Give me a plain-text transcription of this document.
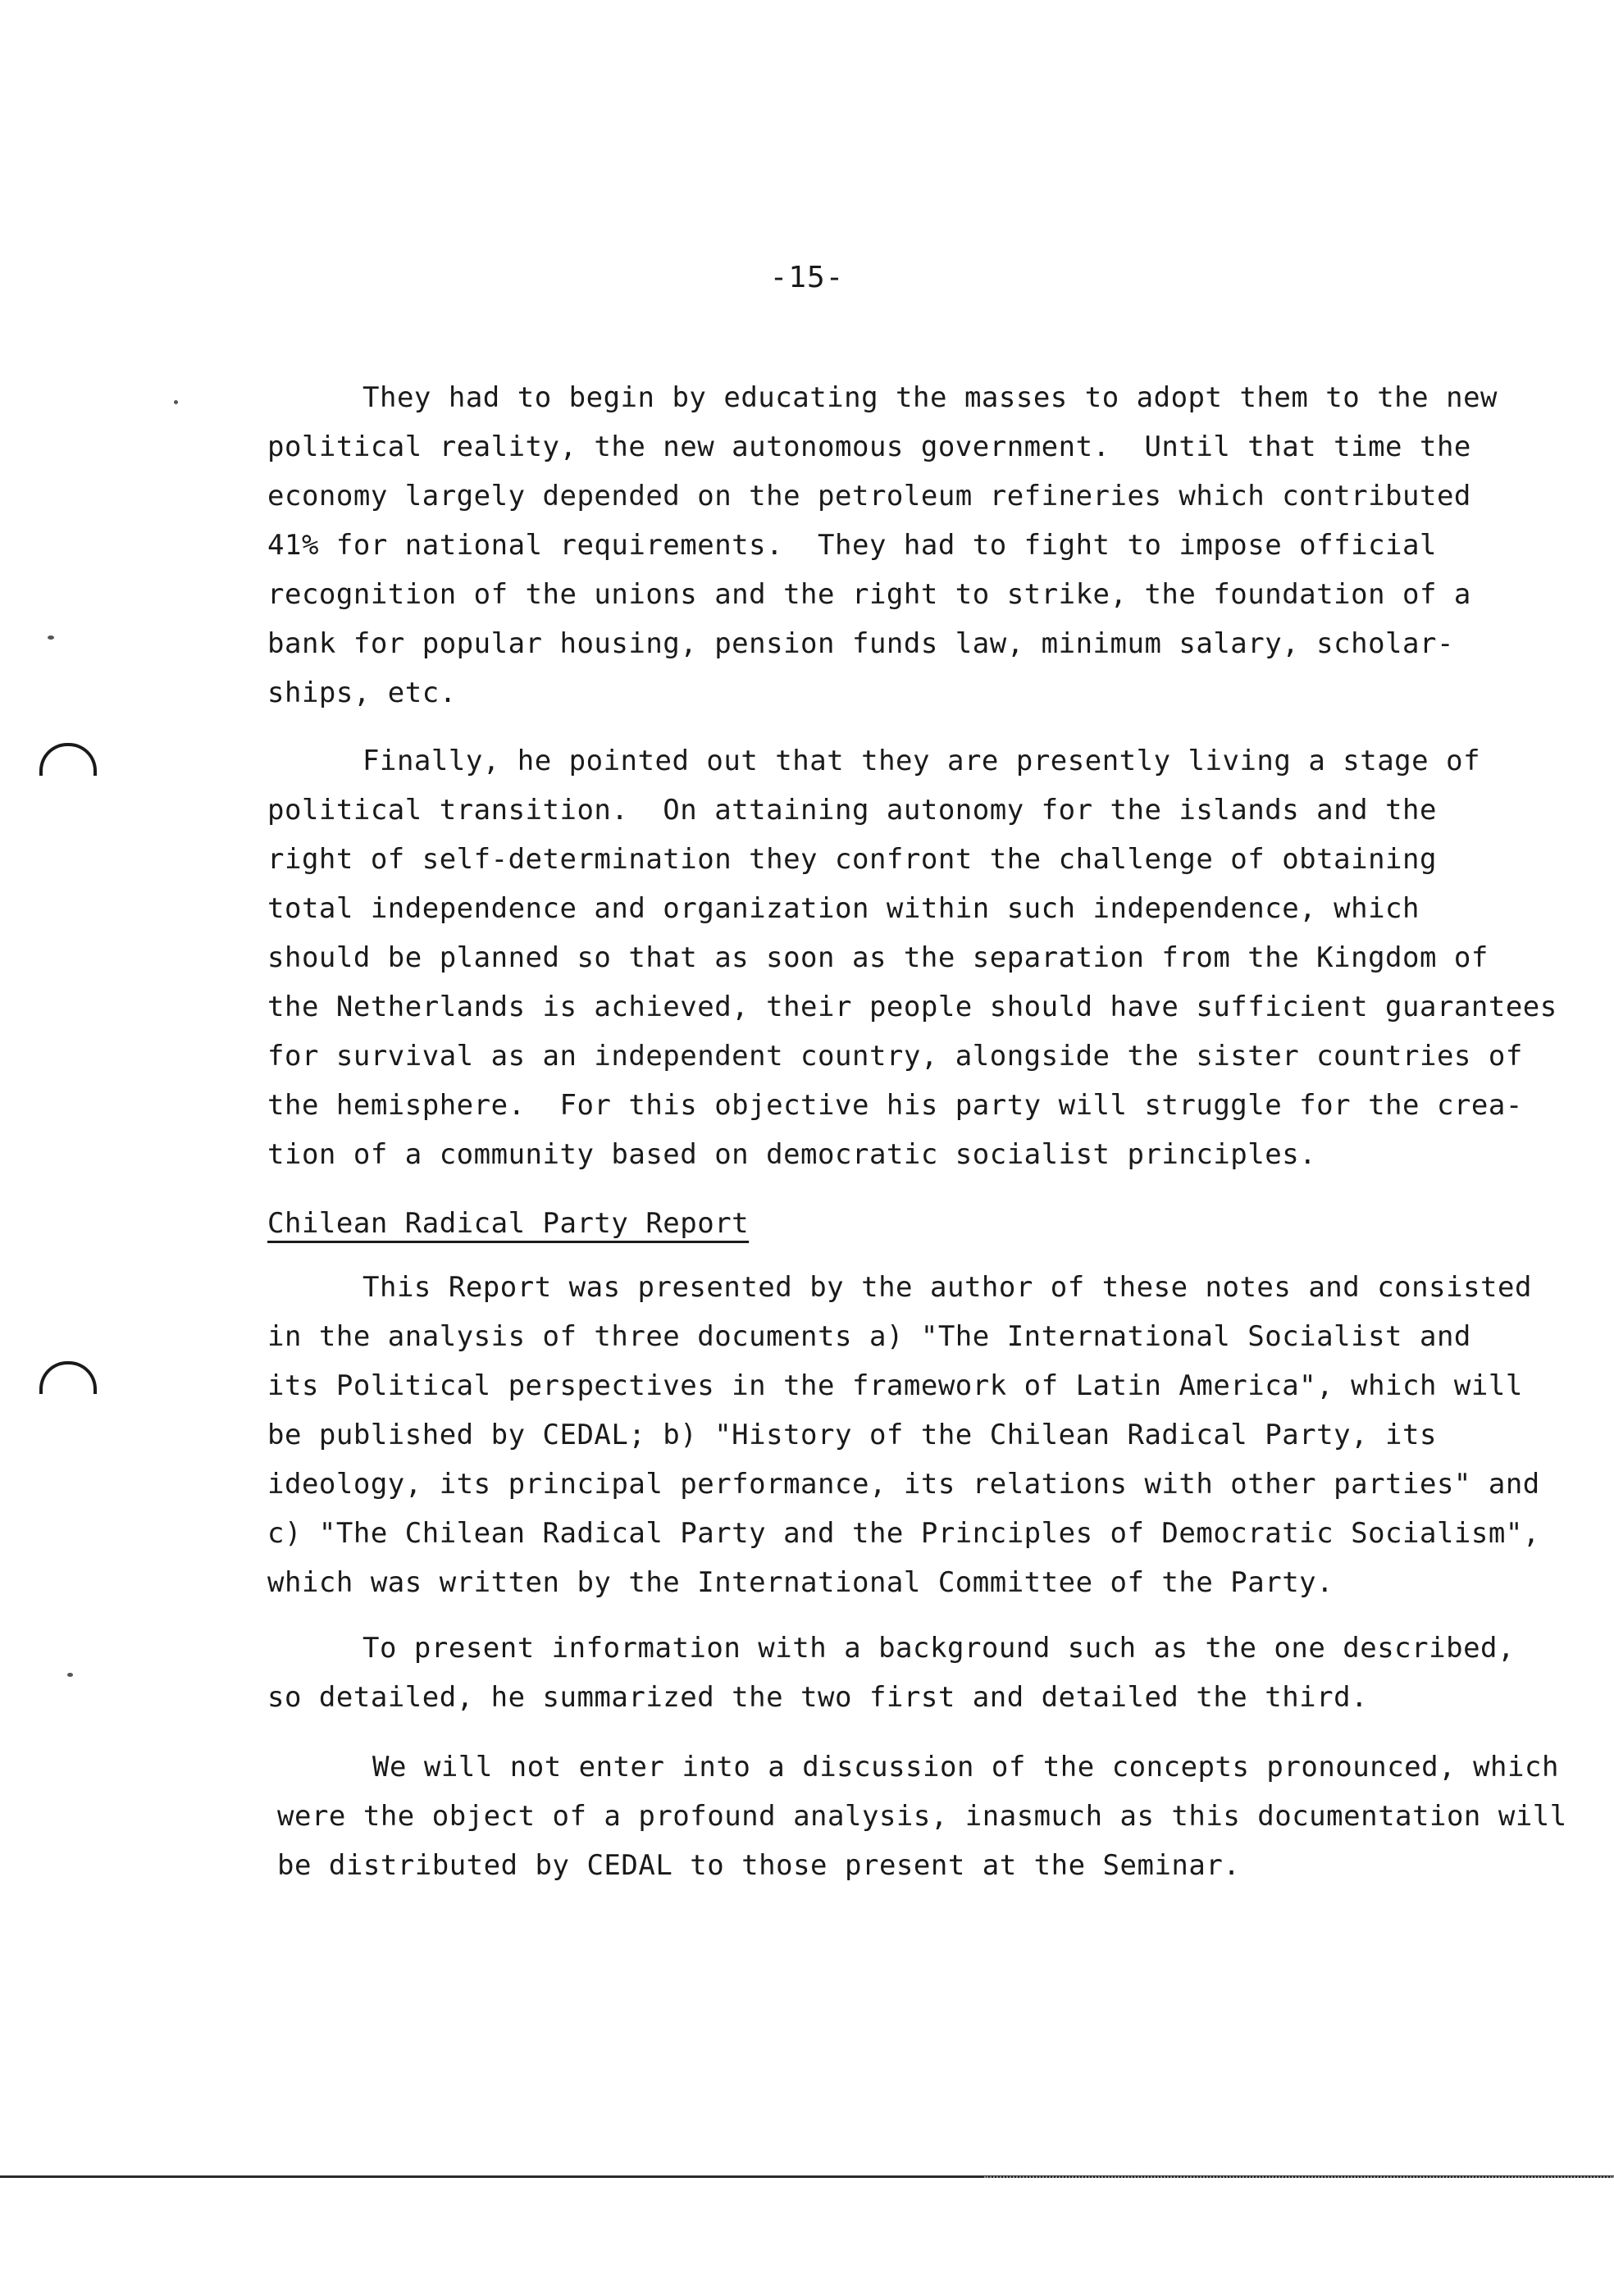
-15-
They had to begin by educating the masses to adopt them to the new
political reality, the new autonomous government.  Until that time the
economy largely depended on the petroleum refineries which contributed
41% for national requirements.  They had to fight to impose official
recognition of the unions and the right to strike, the foundation of a
bank for popular housing, pension funds law, minimum salary, scholar-
ships, etc.
Finally, he pointed out that they are presently living a stage of
political transition.  On attaining autonomy for the islands and the
right of self-determination they confront the challenge of obtaining
total independence and organization within such independence, which
should be planned so that as soon as the separation from the Kingdom of
the Netherlands is achieved, their people should have sufficient guarantees
for survival as an independent country, alongside the sister countries of
the hemisphere.  For this objective his party will struggle for the crea-
tion of a community based on democratic socialist principles.
Chilean Radical Party Report
This Report was presented by the author of these notes and consisted
in the analysis of three documents a) "The International Socialist and
its Political perspectives in the framework of Latin America", which will
be published by CEDAL; b) "History of the Chilean Radical Party, its
ideology, its principal performance, its relations with other parties" and
c) "The Chilean Radical Party and the Principles of Democratic Socialism",
which was written by the International Committee of the Party.
To present information with a background such as the one described,
so detailed, he summarized the two first and detailed the third.
We will not enter into a discussion of the concepts pronounced, which
were the object of a profound analysis, inasmuch as this documentation will
be distributed by CEDAL to those present at the Seminar.
